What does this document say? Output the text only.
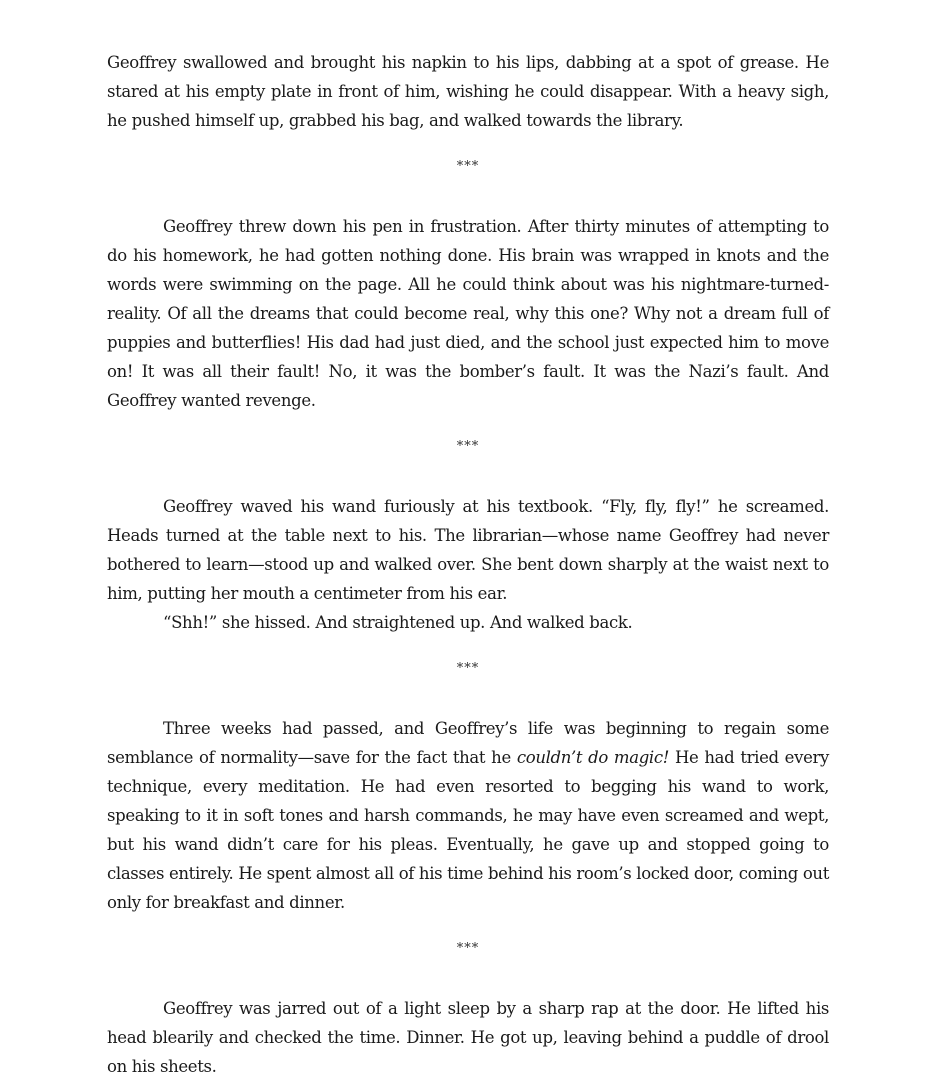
Geoffrey swallowed and brought his napkin to his lips, dabbing at a spot of grease. He stared at his empty plate in front of him, wishing he could disappear. With a heavy sigh, he pushed himself up, grabbed his bag, and walked towards the library.

***

Geoffrey threw down his pen in frustration. After thirty minutes of attempting to do his homework, he had gotten nothing done. His brain was wrapped in knots and the words were swimming on the page. All he could think about was his nightmare-turned-reality. Of all the dreams that could become real, why this one? Why not a dream full of puppies and butterflies! His dad had just died, and the school just expected him to move on! It was all their fault! No, it was the bomber’s fault. It was the Nazi’s fault. And Geoffrey wanted revenge.

***

Geoffrey waved his wand furiously at his textbook. “Fly, fly, fly!” he screamed. Heads turned at the table next to his. The librarian—whose name Geoffrey had never bothered to learn—stood up and walked over. She bent down sharply at the waist next to him, putting her mouth a centimeter from his ear.

“Shh!” she hissed. And straightened up. And walked back.

***

Three weeks had passed, and Geoffrey’s life was beginning to regain some semblance of normality—save for the fact that he couldn’t do magic! He had tried every technique, every meditation. He had even resorted to begging his wand to work, speaking to it in soft tones and harsh commands, he may have even screamed and wept, but his wand didn’t care for his pleas. Eventually, he gave up and stopped going to classes entirely. He spent almost all of his time behind his room’s locked door, coming out only for breakfast and dinner.

***

Geoffrey was jarred out of a light sleep by a sharp rap at the door. He lifted his head blearily and checked the time. Dinner. He got up, leaving behind a puddle of drool on his sheets.
